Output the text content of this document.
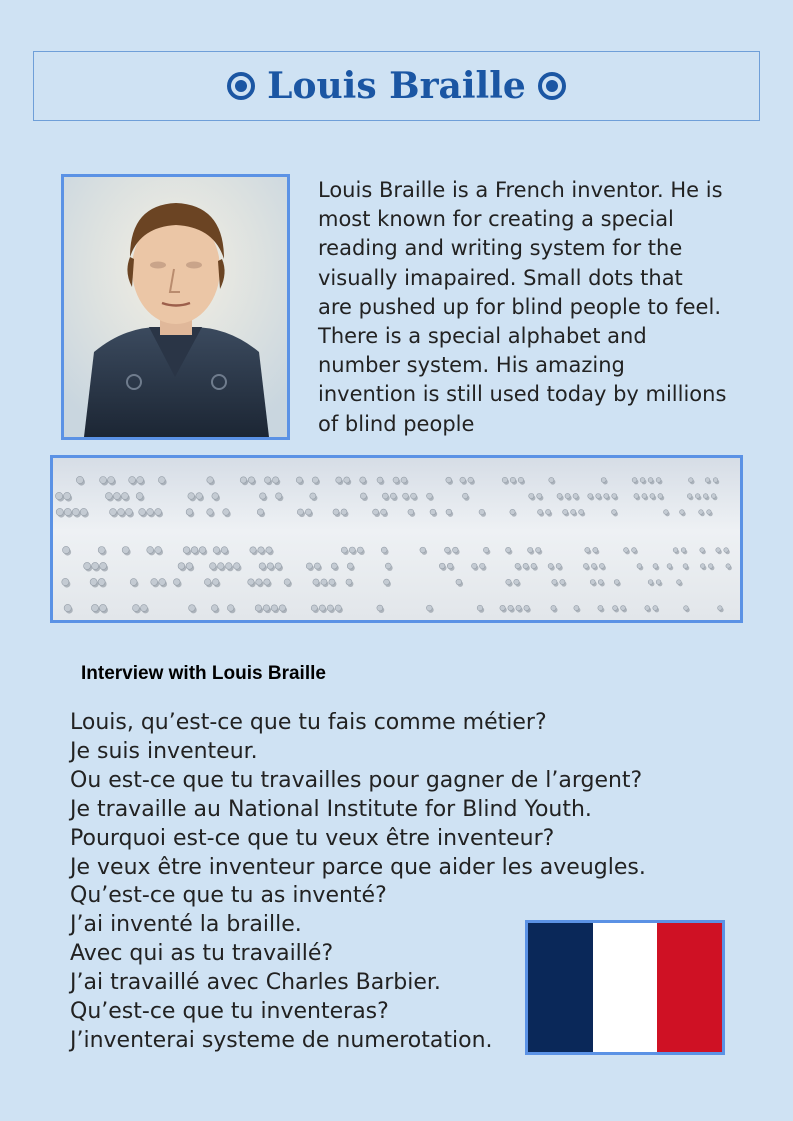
Louis Braille
Louis Braille is a French inventor. He is
most known for creating a special
reading and writing system for the
visually imapaired. Small dots that
are pushed up for blind people to feel.
There is a special alphabet and
number system. His amazing
invention is still used today by millions
of blind people
Interview with Louis Braille
Louis, qu’est-ce que tu fais comme métier?
Je suis inventeur.
Ou est-ce que tu travailles pour gagner de l’argent?
Je travaille au National Institute for Blind Youth.
Pourquoi est-ce que tu veux être inventeur?
Je veux être inventeur parce que aider les aveugles.
Qu’est-ce que tu as inventé?
J’ai inventé la braille.
Avec qui as tu travaillé?
J’ai travaillé avec Charles Barbier.
Qu’est-ce que tu inventeras?
J’inventerai systeme de numerotation.
